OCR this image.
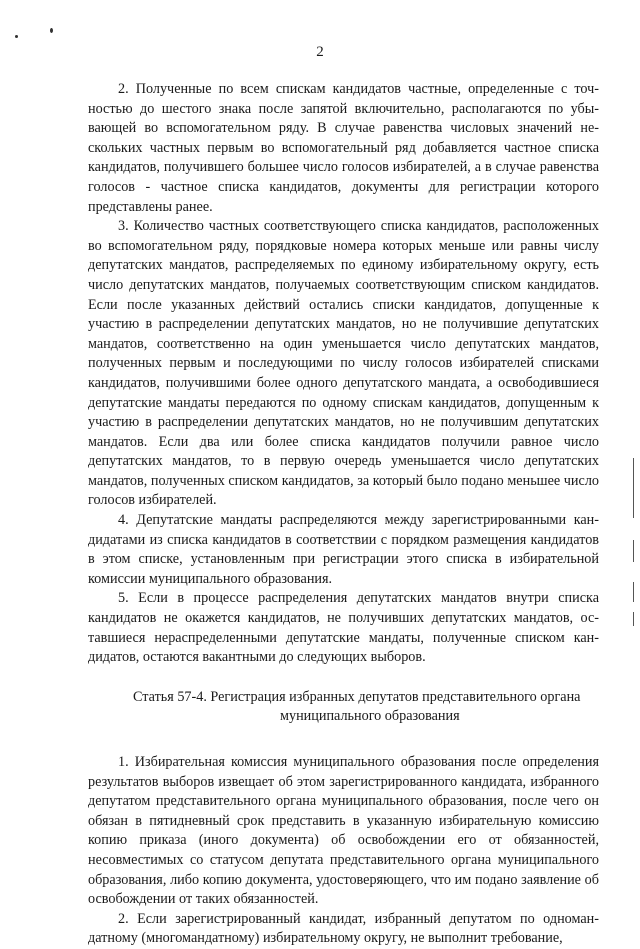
2

2. Полученные по всем спискам кандидатов частные, определенные с точностью до шестого знака после запятой включительно, располагаются по убывающей во вспомогательном ряду. В случае равенства числовых значений нескольких частных первым во вспомогательный ряд добавляется частное списка кандидатов, получившего большее число голосов избирателей, а в случае равенства голосов - частное списка кандидатов, документы для регистрации которого представлены ранее.

3. Количество частных соответствующего списка кандидатов, расположенных во вспомогательном ряду, порядковые номера которых меньше или равны числу депутатских мандатов, распределяемых по единому избирательному округу, есть число депутатских мандатов, получаемых соответствующим списком кандидатов. Если после указанных действий остались списки кандидатов, допущенные к участию в распределении депутатских мандатов, но не получившие депутатских мандатов, соответственно на один уменьшается число депутатских мандатов, полученных первым и последующими по числу голосов избирателей списками кандидатов, получившими более одного депутатского мандата, а освободившиеся депутатские мандаты передаются по одному спискам кандидатов, допущенным к участию в распределении депутатских мандатов, но не получившим депутатских мандатов. Если два или более списка кандидатов получили равное число депутатских мандатов, то в первую очередь уменьшается число депутатских мандатов, полученных списком кандидатов, за который было подано меньшее число голосов избирателей.

4. Депутатские мандаты распределяются между зарегистрированными кандидатами из списка кандидатов в соответствии с порядком размещения кандидатов в этом списке, установленным при регистрации этого списка в избирательной комиссии муниципального образования.

5. Если в процессе распределения депутатских мандатов внутри списка кандидатов не окажется кандидатов, не получивших депутатских мандатов, оставшиеся нераспределенными депутатские мандаты, полученные списком кандидатов, остаются вакантными до следующих выборов.

Статья 57-4. Регистрация избранных депутатов представительного органа
муниципального образования

1. Избирательная комиссия муниципального образования после определения результатов выборов извещает об этом зарегистрированного кандидата, избранного депутатом представительного органа муниципального образования, после чего он обязан в пятидневный срок представить в указанную избирательную комиссию копию приказа (иного документа) об освобождении его от обязанностей, несовместимых со статусом депутата представительного органа муниципального образования, либо копию документа, удостоверяющего, что им подано заявление об освобождении от таких обязанностей.

2. Если зарегистрированный кандидат, избранный депутатом по одномандатному (многомандатному) избирательному округу, не выполнит требование,
